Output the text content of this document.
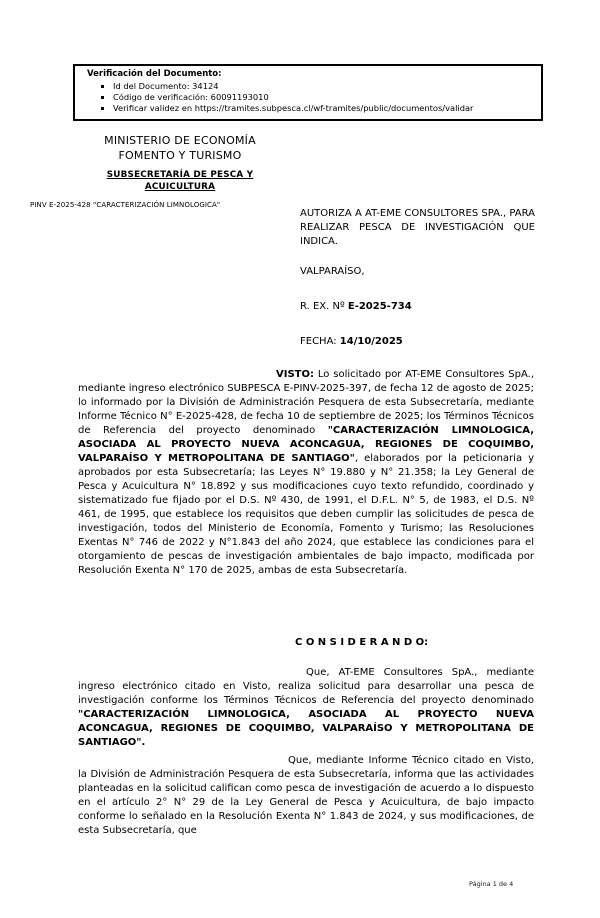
Verificación del Documento:
▪ Id del Documento: 34124
▪ Código de verificación: 60091193010
▪ Verificar validez en https://tramites.subpesca.cl/wf-tramites/public/documentos/validar
MINISTERIO DE ECONOMÍA
FOMENTO Y TURISMO
SUBSECRETARÍA DE PESCA Y
ACUICULTURA
PINV E-2025-428 "CARACTERIZACIÓN LIMNOLOGICA"
AUTORIZA A AT-EME CONSULTORES SPA., PARA REALIZAR PESCA DE INVESTIGACIÓN QUE INDICA.
VALPARAÍSO,
R. EX. Nº E-2025-734
FECHA: 14/10/2025

VISTO: Lo solicitado por AT-EME Consultores SpA., mediante ingreso electrónico SUBPESCA E-PINV-2025-397, de fecha 12 de agosto de 2025; lo informado por la División de Administración Pesquera de esta Subsecretaría, mediante Informe Técnico N° E-2025-428, de fecha 10 de septiembre de 2025; los Términos Técnicos de Referencia del proyecto denominado "CARACTERIZACIÓN LIMNOLOGICA, ASOCIADA AL PROYECTO NUEVA ACONCAGUA, REGIONES DE COQUIMBO, VALPARAÍSO Y METROPOLITANA DE SANTIAGO", elaborados por la peticionaria y aprobados por esta Subsecretaría; las Leyes N° 19.880 y N° 21.358; la Ley General de Pesca y Acuicultura N° 18.892 y sus modificaciones cuyo texto refundido, coordinado y sistematizado fue fijado por el D.S. Nº 430, de 1991, el D.F.L. N° 5, de 1983, el D.S. Nº 461, de 1995, que establece los requisitos que deben cumplir las solicitudes de pesca de investigación, todos del Ministerio de Economía, Fomento y Turismo; las Resoluciones Exentas N° 746 de 2022 y N°1.843 del año 2024, que establece las condiciones para el otorgamiento de pescas de investigación ambientales de bajo impacto, modificada por Resolución Exenta N° 170 de 2025, ambas de esta Subsecretaría.

C O N S I D E R A N D O:

Que, AT-EME Consultores SpA., mediante ingreso electrónico citado en Visto, realiza solicitud para desarrollar una pesca de investigación conforme los Términos Técnicos de Referencia del proyecto denominado "CARACTERIZACIÓN LIMNOLOGICA, ASOCIADA AL PROYECTO NUEVA ACONCAGUA, REGIONES DE COQUIMBO, VALPARAÍSO Y METROPOLITANA DE SANTIAGO".

Que, mediante Informe Técnico citado en Visto, la División de Administración Pesquera de esta Subsecretaría, informa que las actividades planteadas en la solicitud califican como pesca de investigación de acuerdo a lo dispuesto en el artículo 2° N° 29 de la Ley General de Pesca y Acuicultura, de bajo impacto conforme lo señalado en la Resolución Exenta N° 1.843 de 2024, y sus modificaciones, de esta Subsecretaría, que

Página 1 de 4
